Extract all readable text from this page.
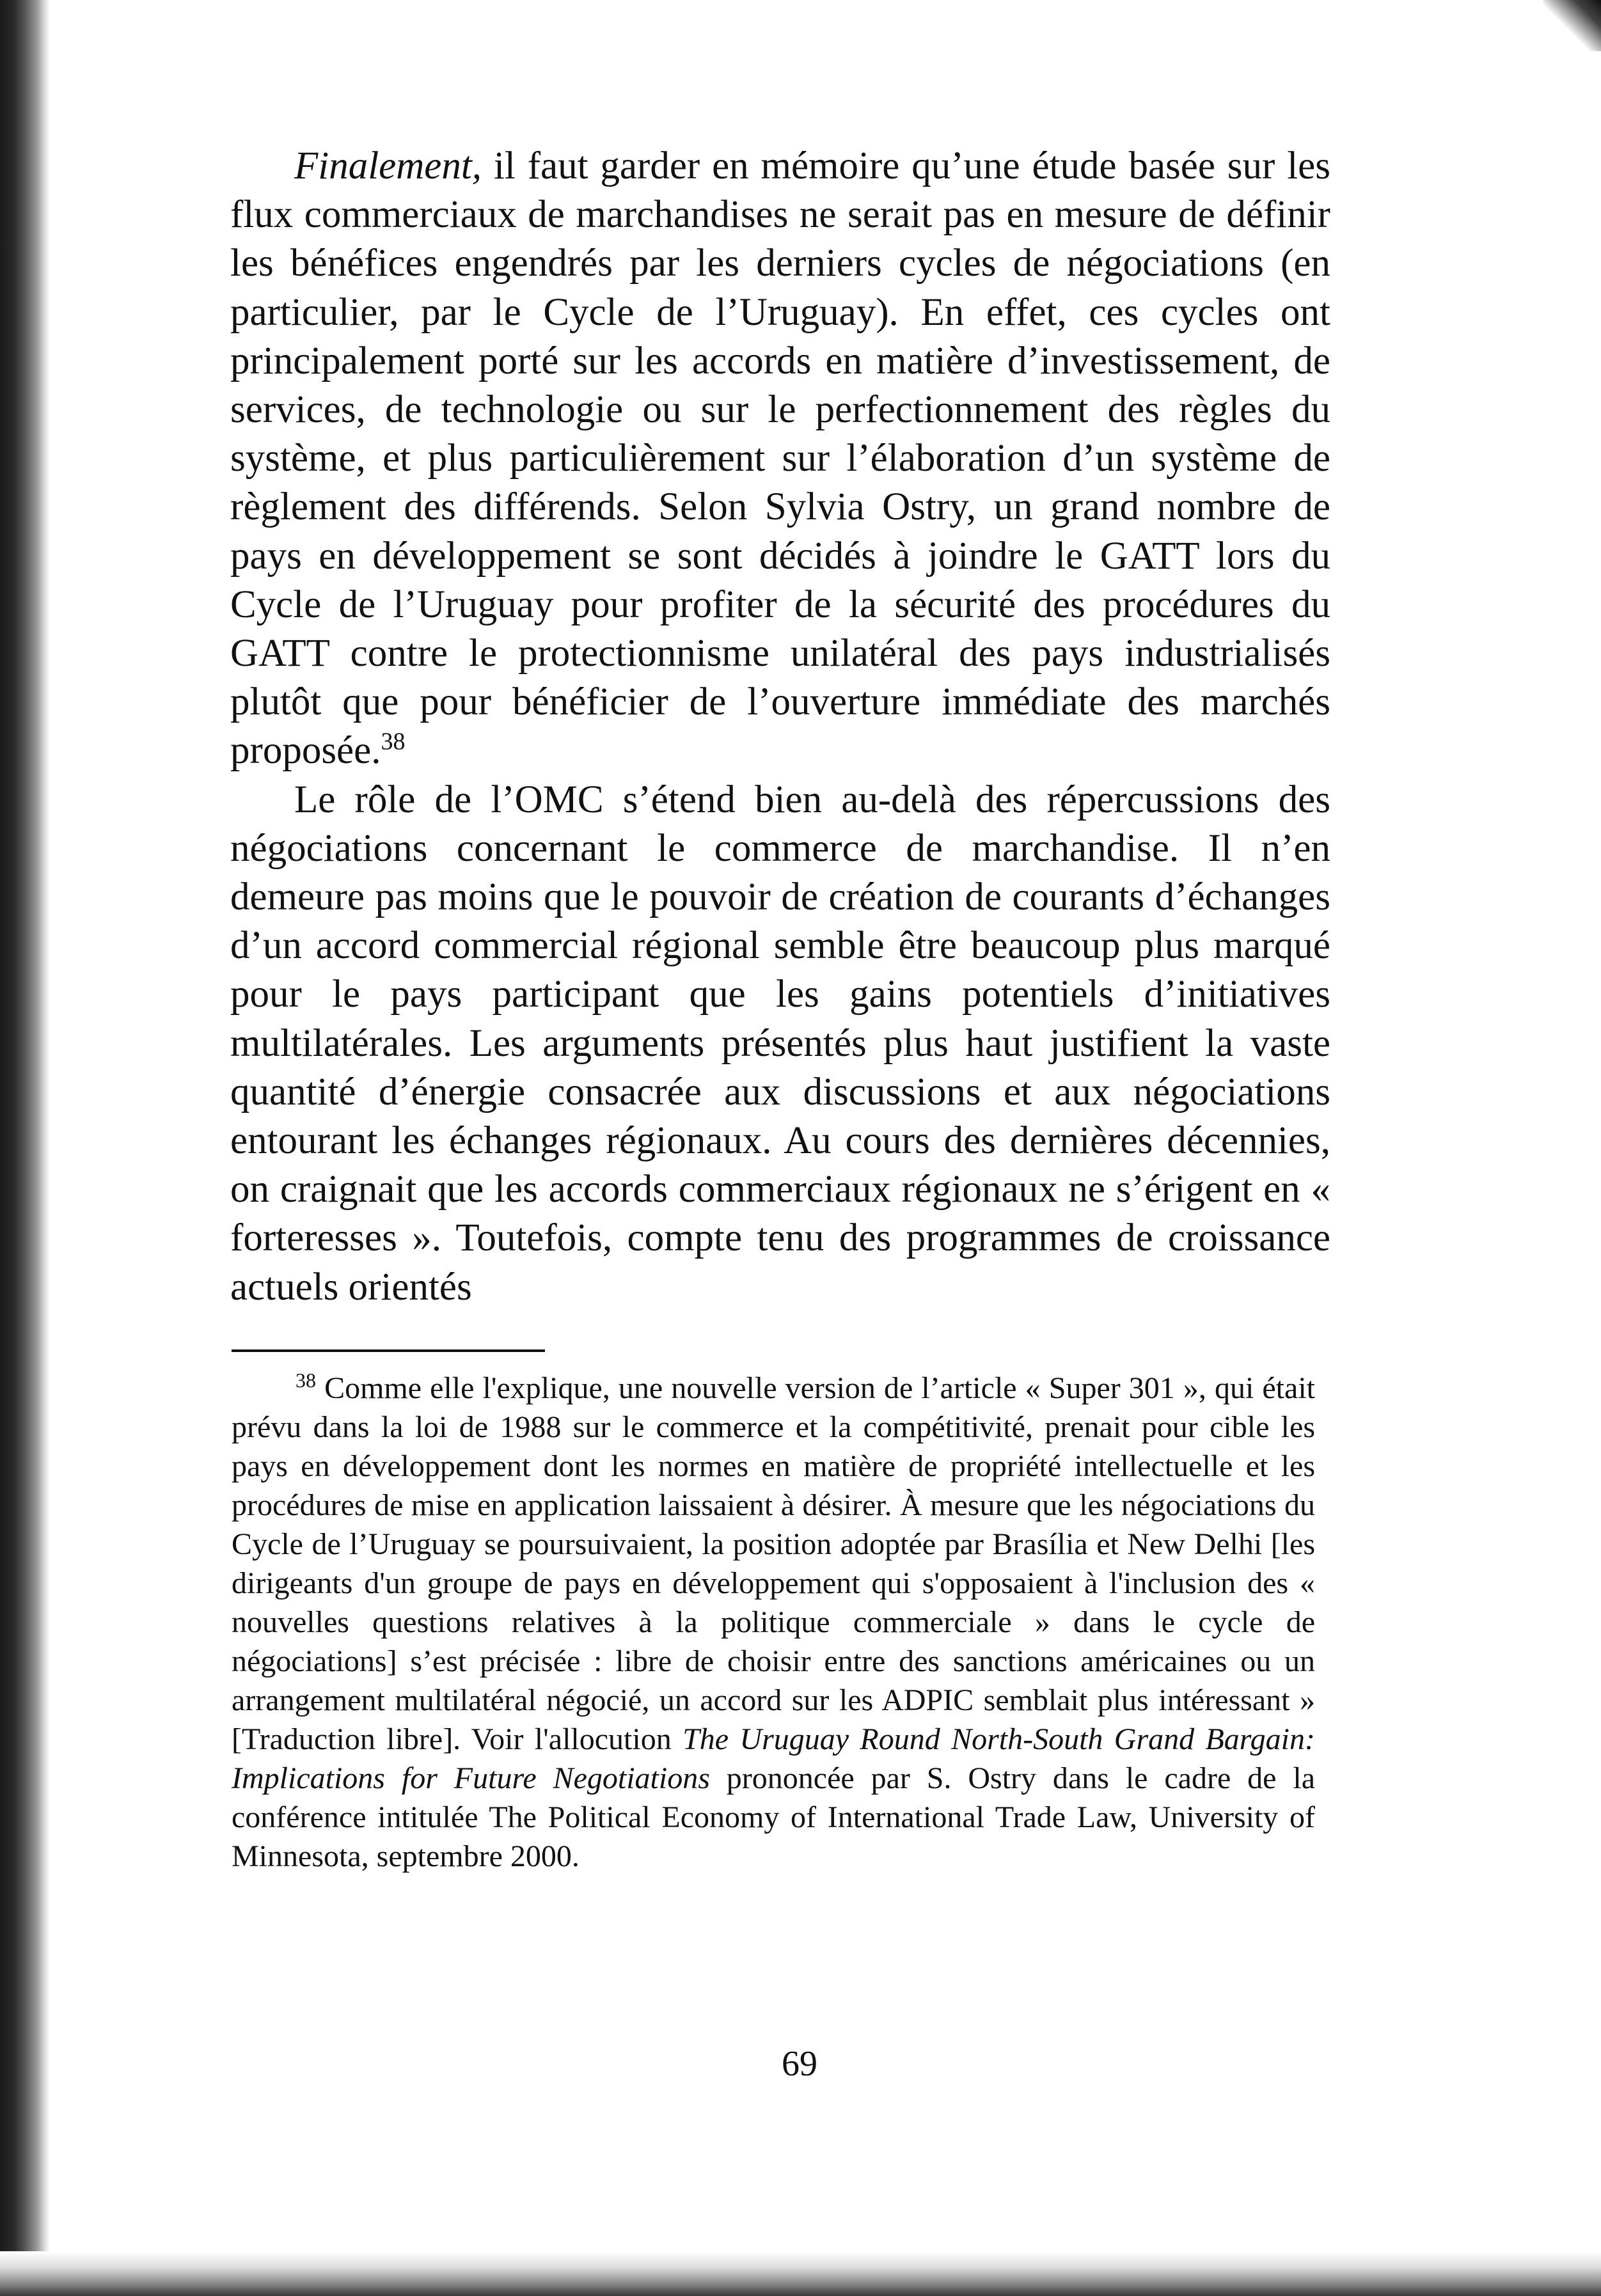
Finalement, il faut garder en mémoire qu’une étude basée sur les flux commerciaux de marchandises ne serait pas en mesure de définir les bénéfices engendrés par les derniers cycles de négociations (en particulier, par le Cycle de l’Uruguay). En effet, ces cycles ont principalement porté sur les accords en matière d’investissement, de services, de technologie ou sur le perfectionnement des règles du système, et plus particulièrement sur l’élaboration d’un système de règlement des différends. Selon Sylvia Ostry, un grand nombre de pays en développement se sont décidés à joindre le GATT lors du Cycle de l’Uruguay pour profiter de la sécurité des procédures du GATT contre le protectionnisme unilatéral des pays industrialisés plutôt que pour bénéficier de l’ouverture immédiate des marchés proposée.$^{38}$

Le rôle de l’OMC s’étend bien au-delà des répercussions des négociations concernant le commerce de marchandise. Il n’en demeure pas moins que le pouvoir de création de courants d’échanges d’un accord commercial régional semble être beaucoup plus marqué pour le pays participant que les gains potentiels d’initiatives multilatérales. Les arguments présentés plus haut justifient la vaste quantité d’énergie consacrée aux discussions et aux négociations entourant les échanges régionaux. Au cours des dernières décennies, on craignait que les accords commerciaux régionaux ne s’érigent en « forteresses ». Toutefois, compte tenu des programmes de croissance actuels orientés

$^{38}$ Comme elle l'explique, une nouvelle version de l’article « Super 301 », qui était prévu dans la loi de 1988 sur le commerce et la compétitivité, prenait pour cible les pays en développement dont les normes en matière de propriété intellectuelle et les procédures de mise en application laissaient à désirer. À mesure que les négociations du Cycle de l’Uruguay se poursuivaient, la position adoptée par Brasília et New Delhi [les dirigeants d'un groupe de pays en développement qui s'opposaient à l'inclusion des « nouvelles questions relatives à la politique commerciale » dans le cycle de négociations] s’est précisée : libre de choisir entre des sanctions américaines ou un arrangement multilatéral négocié, un accord sur les ADPIC semblait plus intéressant » [Traduction libre]. Voir l'allocution The Uruguay Round North-South Grand Bargain: Implications for Future Negotiations prononcée par S. Ostry dans le cadre de la conférence intitulée The Political Economy of International Trade Law, University of Minnesota, septembre 2000.

69
